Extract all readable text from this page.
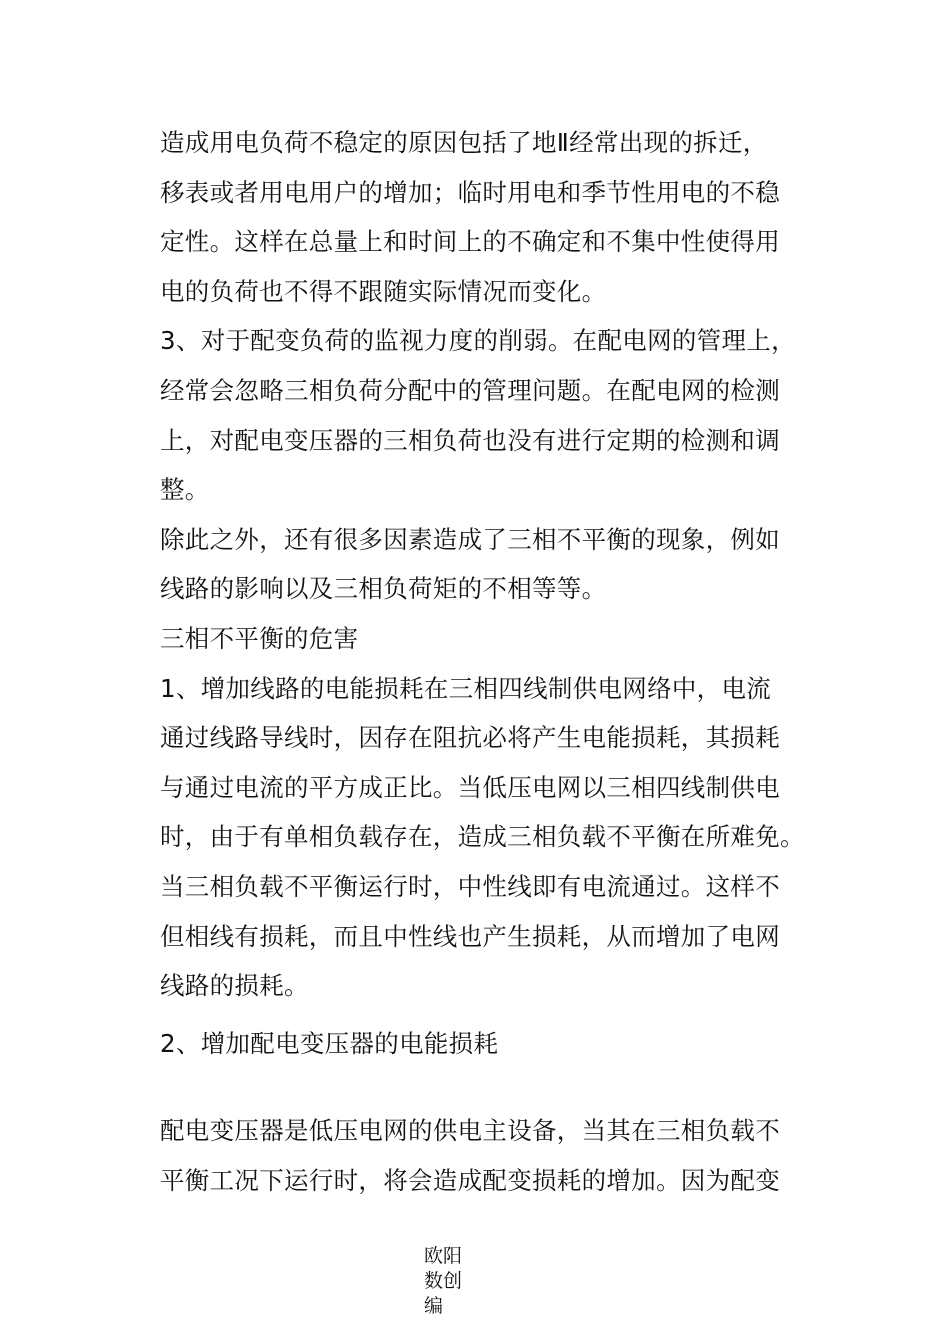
造成用电负荷不稳定的原因包括了地Ⅱ经常出现的拆迁，
移表或者用电用户的增加；临时用电和季节性用电的不稳
定性。这样在总量上和时间上的不确定和不集中性使得用
电的负荷也不得不跟随实际情况而变化。
3、对于配变负荷的监视力度的削弱。在配电网的管理上，
经常会忽略三相负荷分配中的管理问题。在配电网的检测
上，对配电变压器的三相负荷也没有进行定期的检测和调
整。
除此之外，还有很多因素造成了三相不平衡的现象，例如
线路的影响以及三相负荷矩的不相等等。
三相不平衡的危害
1、增加线路的电能损耗在三相四线制供电网络中，电流
通过线路导线时，因存在阻抗必将产生电能损耗，其损耗
与通过电流的平方成正比。当低压电网以三相四线制供电
时，由于有单相负载存在，造成三相负载不平衡在所难免。
当三相负载不平衡运行时，中性线即有电流通过。这样不
但相线有损耗，而且中性线也产生损耗，从而增加了电网
线路的损耗。
2、增加配电变压器的电能损耗
配电变压器是低压电网的供电主设备，当其在三相负载不
平衡工况下运行时，将会造成配变损耗的增加。因为配变
欧阳
数创
编
